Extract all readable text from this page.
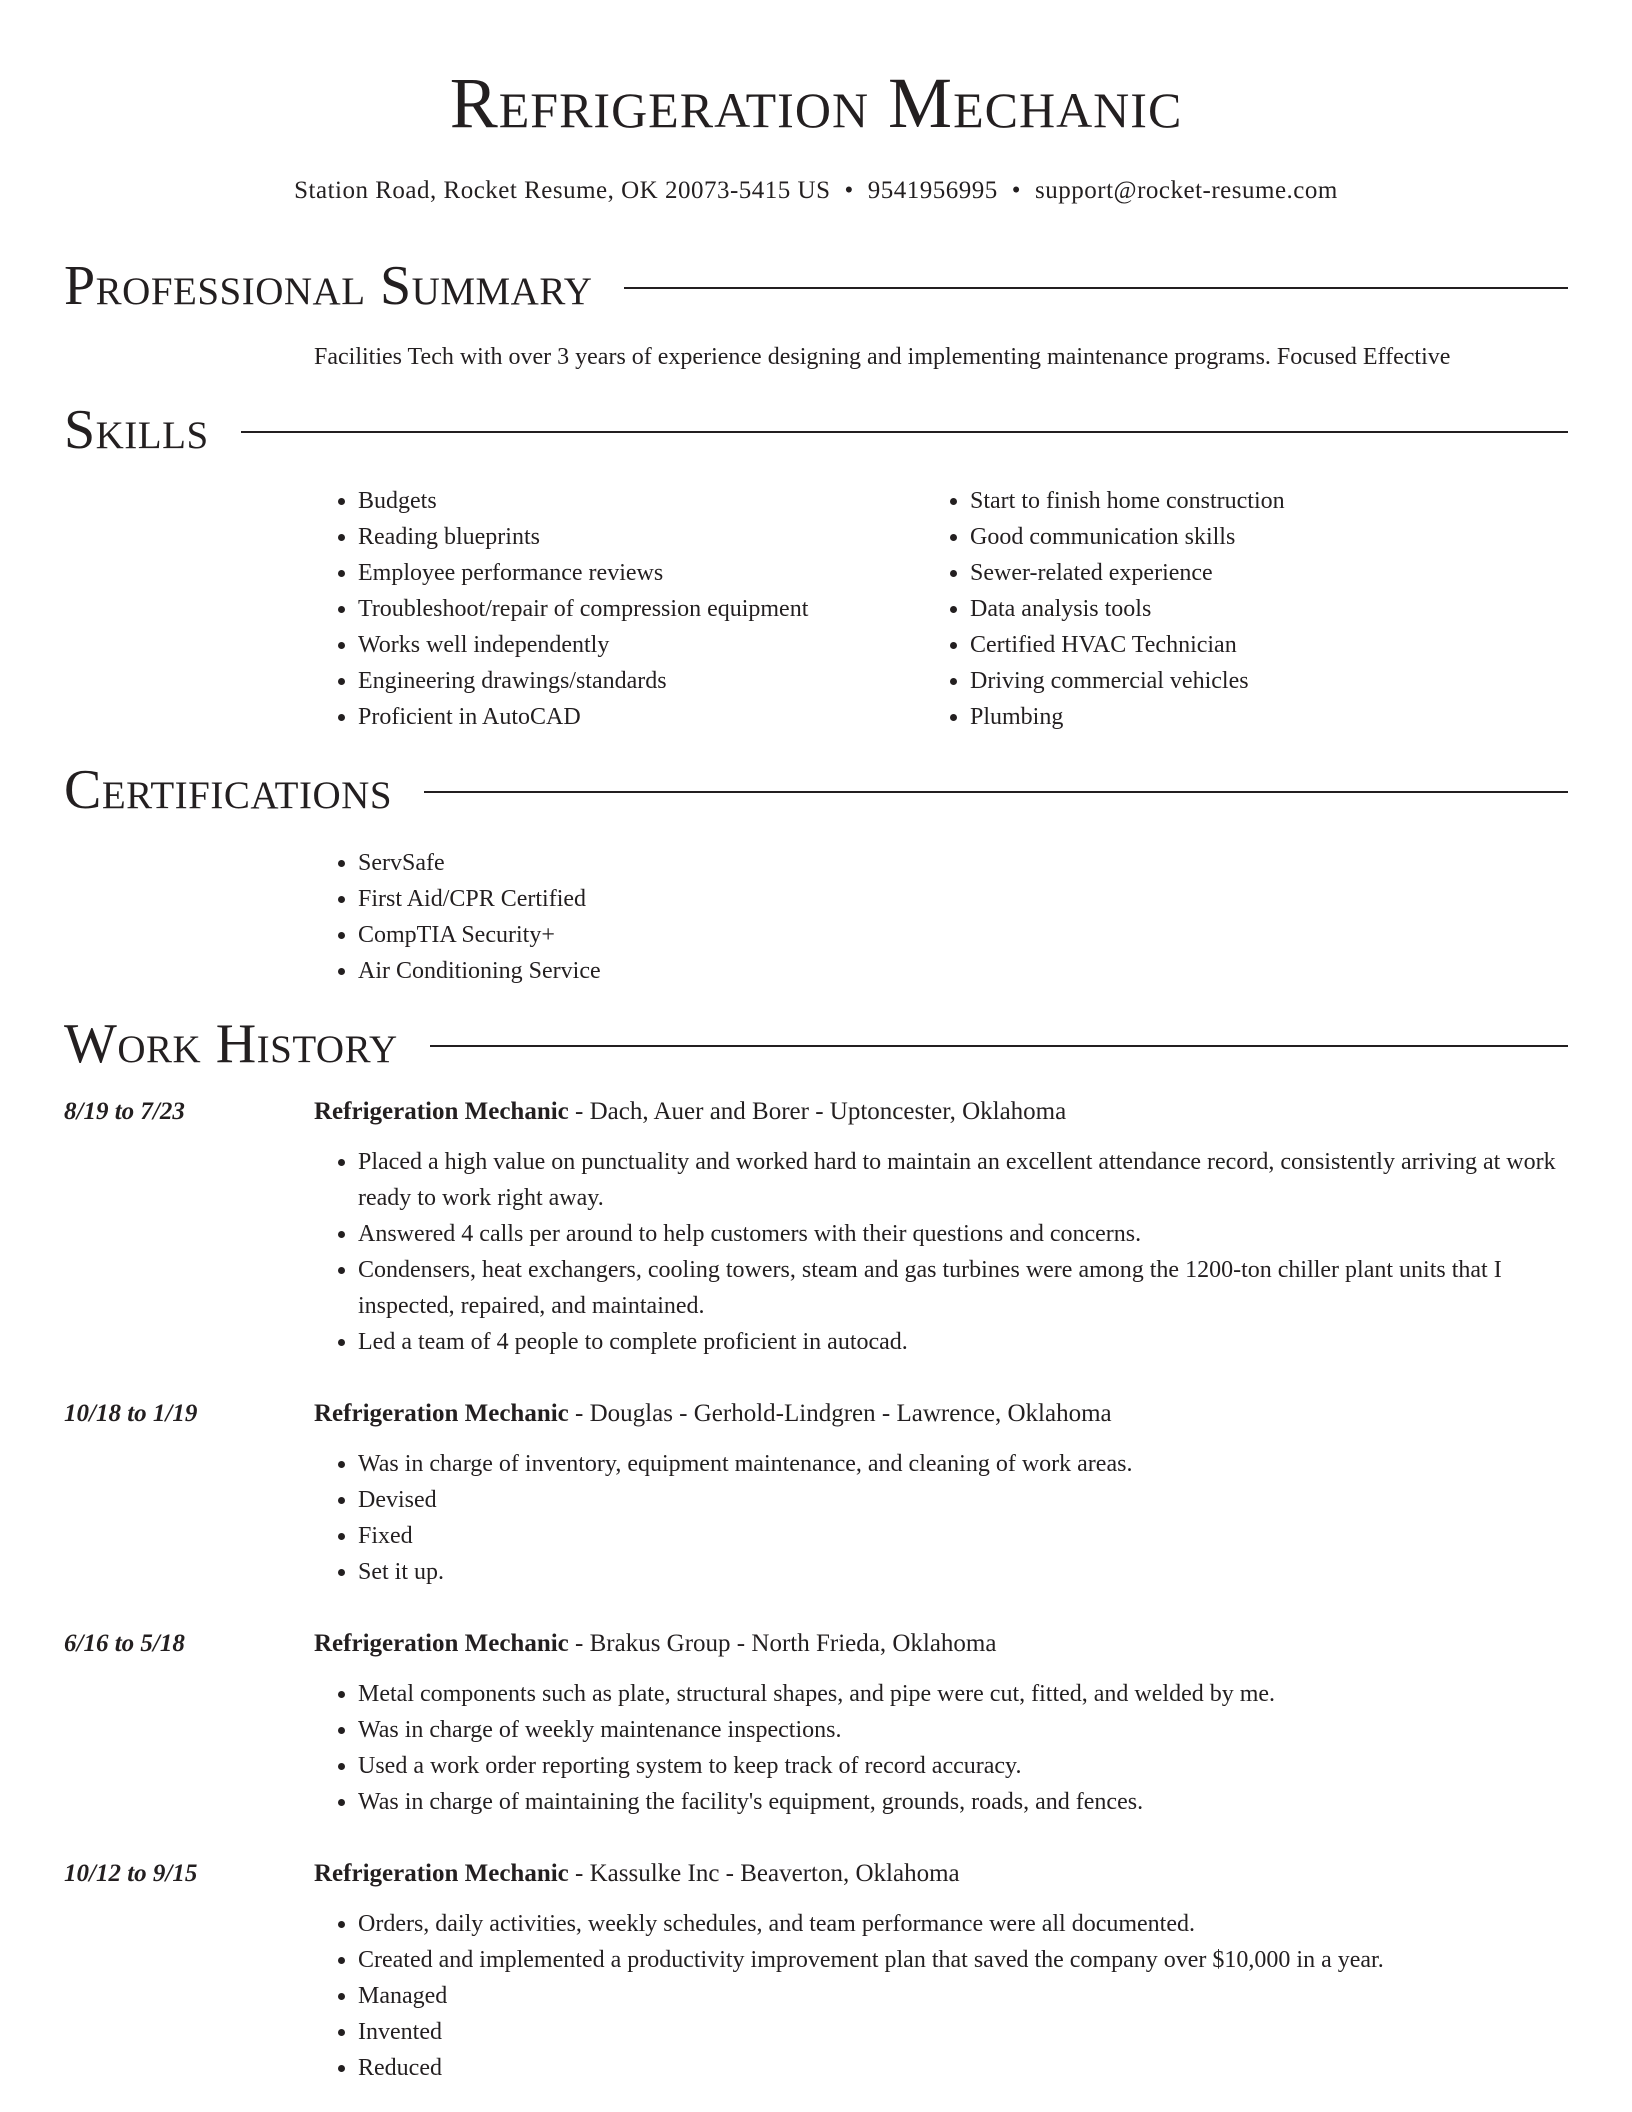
Refrigeration Mechanic
Station Road, Rocket Resume, OK 20073-5415 US • 9541956995 • support@rocket-resume.com
Professional Summary
Facilities Tech with over 3 years of experience designing and implementing maintenance programs. Focused Effective
Skills
• Budgets
• Reading blueprints
• Employee performance reviews
• Troubleshoot/repair of compression equipment
• Works well independently
• Engineering drawings/standards
• Proficient in AutoCAD
• Start to finish home construction
• Good communication skills
• Sewer-related experience
• Data analysis tools
• Certified HVAC Technician
• Driving commercial vehicles
• Plumbing
Certifications
• ServSafe
• First Aid/CPR Certified
• CompTIA Security+
• Air Conditioning Service
Work History
8/19 to 7/23	Refrigeration Mechanic - Dach, Auer and Borer - Uptoncester, Oklahoma
• Placed a high value on punctuality and worked hard to maintain an excellent attendance record, consistently arriving at work ready to work right away.
• Answered 4 calls per around to help customers with their questions and concerns.
• Condensers, heat exchangers, cooling towers, steam and gas turbines were among the 1200-ton chiller plant units that I inspected, repaired, and maintained.
• Led a team of 4 people to complete proficient in autocad.
10/18 to 1/19	Refrigeration Mechanic - Douglas - Gerhold-Lindgren - Lawrence, Oklahoma
• Was in charge of inventory, equipment maintenance, and cleaning of work areas.
• Devised
• Fixed
• Set it up.
6/16 to 5/18	Refrigeration Mechanic - Brakus Group - North Frieda, Oklahoma
• Metal components such as plate, structural shapes, and pipe were cut, fitted, and welded by me.
• Was in charge of weekly maintenance inspections.
• Used a work order reporting system to keep track of record accuracy.
• Was in charge of maintaining the facility's equipment, grounds, roads, and fences.
10/12 to 9/15	Refrigeration Mechanic - Kassulke Inc - Beaverton, Oklahoma
• Orders, daily activities, weekly schedules, and team performance were all documented.
• Created and implemented a productivity improvement plan that saved the company over $10,000 in a year.
• Managed
• Invented
• Reduced
